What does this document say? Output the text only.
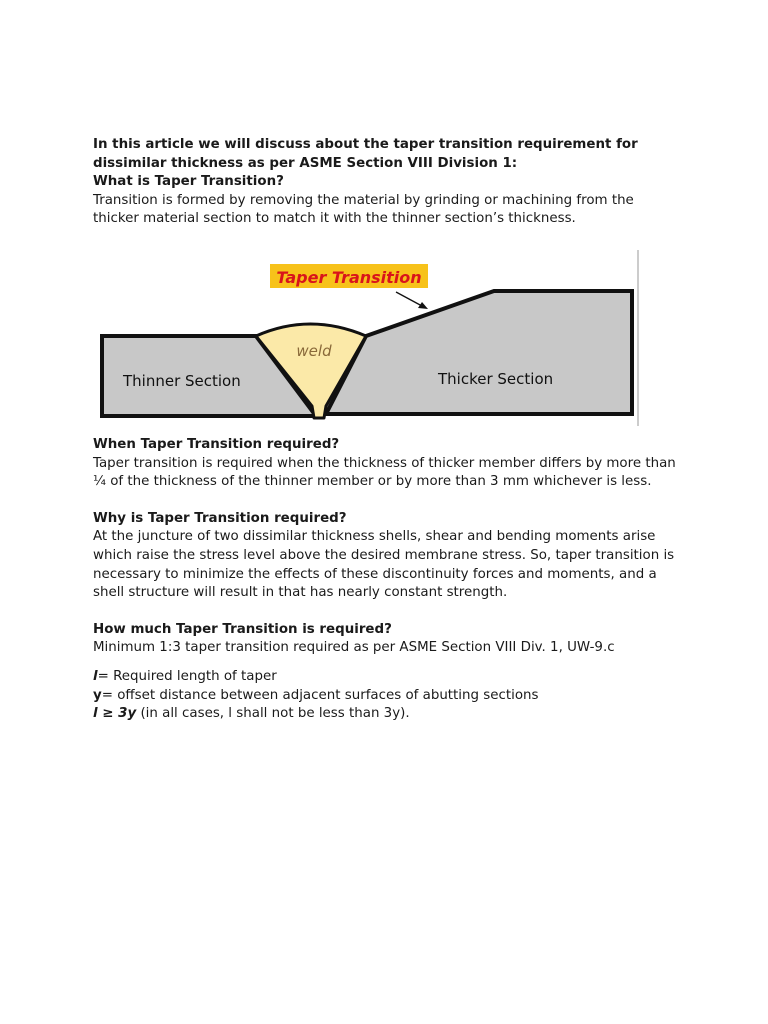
In this article we will discuss about the taper transition requirement for dissimilar thickness as per ASME Section VIII Division 1:

What is Taper Transition?

Transition is formed by removing the material by grinding or machining from the thicker material section to match it with the thinner section’s thickness.

Taper Transition
weld
Thinner Section	Thicker Section

When Taper Transition required?

Taper transition is required when the thickness of thicker member differs by more than ¼ of the thickness of the thinner member or by more than 3 mm whichever is less.

Why is Taper Transition required?

At the juncture of two dissimilar thickness shells, shear and bending moments arise which raise the stress level above the desired membrane stress. So, taper transition is necessary to minimize the effects of these discontinuity forces and moments, and a shell structure will result in that has nearly constant strength.

How much Taper Transition is required?

Minimum 1:3 taper transition required as per ASME Section VIII Div. 1, UW-9.c

l= Required length of taper

y= offset distance between adjacent surfaces of abutting sections

l ≥ 3y (in all cases, l shall not be less than 3y).
